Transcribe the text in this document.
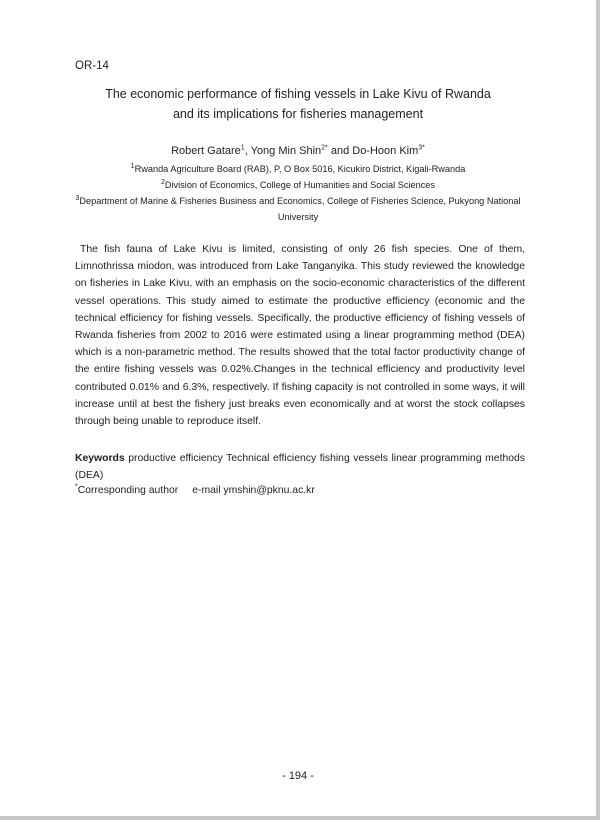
OR-14
The economic performance of fishing vessels in Lake Kivu of Rwanda
and its implications for fisheries management
Robert Gatare$^1$, Yong Min Shin$^{2*}$ and Do-Hoon Kim$^{3*}$
$^1$Rwanda Agriculture Board (RAB), P, O Box 5016, Kicukiro District, Kigali-Rwanda
$^2$Division of Economics, College of Humanities and Social Sciences
$^3$Department of Marine & Fisheries Business and Economics, College of Fisheries Science, Pukyong National University

The fish fauna of Lake Kivu is limited, consisting of only 26 fish species. One of them, Limnothrissa miodon, was introduced from Lake Tanganyika. This study reviewed the knowledge on fisheries in Lake Kivu, with an emphasis on the socio-economic characteristics of the different vessel operations. This study aimed to estimate the productive efficiency (economic and the technical efficiency for fishing vessels. Specifically, the productive efficiency of fishing vessels of Rwanda fisheries from 2002 to 2016 were estimated using a linear programming method (DEA) which is a non-parametric method. The results showed that the total factor productivity change of the entire fishing vessels was 0.02%.Changes in the technical efficiency and productivity level contributed 0.01% and 6.3%, respectively. If fishing capacity is not controlled in some ways, it will increase until at best the fishery just breaks even economically and at worst the stock collapses through being unable to reproduce itself.

Keywords productive efficiency Technical efficiency fishing vessels linear programming methods (DEA)

*Corresponding author e-mail ymshin@pknu.ac.kr
- 194 -
